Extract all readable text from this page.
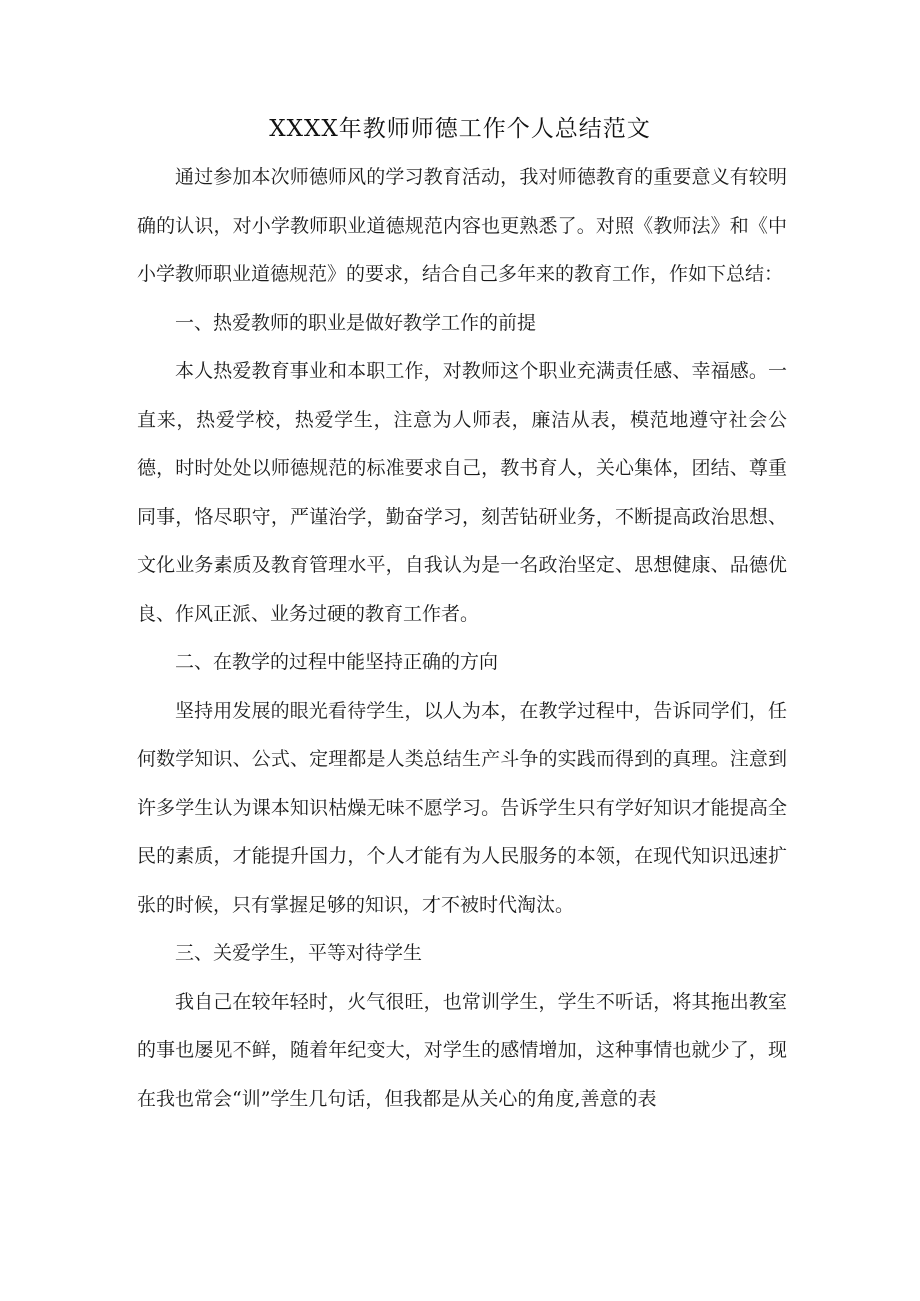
XXXX年教师师德工作个人总结范文

通过参加本次师德师风的学习教育活动，我对师德教育的重要意义有较明确的认识，对小学教师职业道德规范内容也更熟悉了。对照《教师法》和《中小学教师职业道德规范》的要求，结合自己多年来的教育工作，作如下总结：

一、热爱教师的职业是做好教学工作的前提

本人热爱教育事业和本职工作，对教师这个职业充满责任感、幸福感。一直来，热爱学校，热爱学生，注意为人师表，廉洁从表，模范地遵守社会公德，时时处处以师德规范的标准要求自己，教书育人，关心集体，团结、尊重同事，恪尽职守，严谨治学，勤奋学习，刻苦钻研业务，不断提高政治思想、文化业务素质及教育管理水平，自我认为是一名政治坚定、思想健康、品德优良、作风正派、业务过硬的教育工作者。

二、在教学的过程中能坚持正确的方向

坚持用发展的眼光看待学生，以人为本，在教学过程中，告诉同学们，任何数学知识、公式、定理都是人类总结生产斗争的实践而得到的真理。注意到许多学生认为课本知识枯燥无味不愿学习。告诉学生只有学好知识才能提高全民的素质，才能提升国力，个人才能有为人民服务的本领，在现代知识迅速扩张的时候，只有掌握足够的知识，才不被时代淘汰。

三、关爱学生，平等对待学生

我自己在较年轻时，火气很旺，也常训学生，学生不听话，将其拖出教室的事也屡见不鲜，随着年纪变大，对学生的感情增加，这种事情也就少了，现在我也常会“训”学生几句话，但我都是从关心的角度,善意的表
